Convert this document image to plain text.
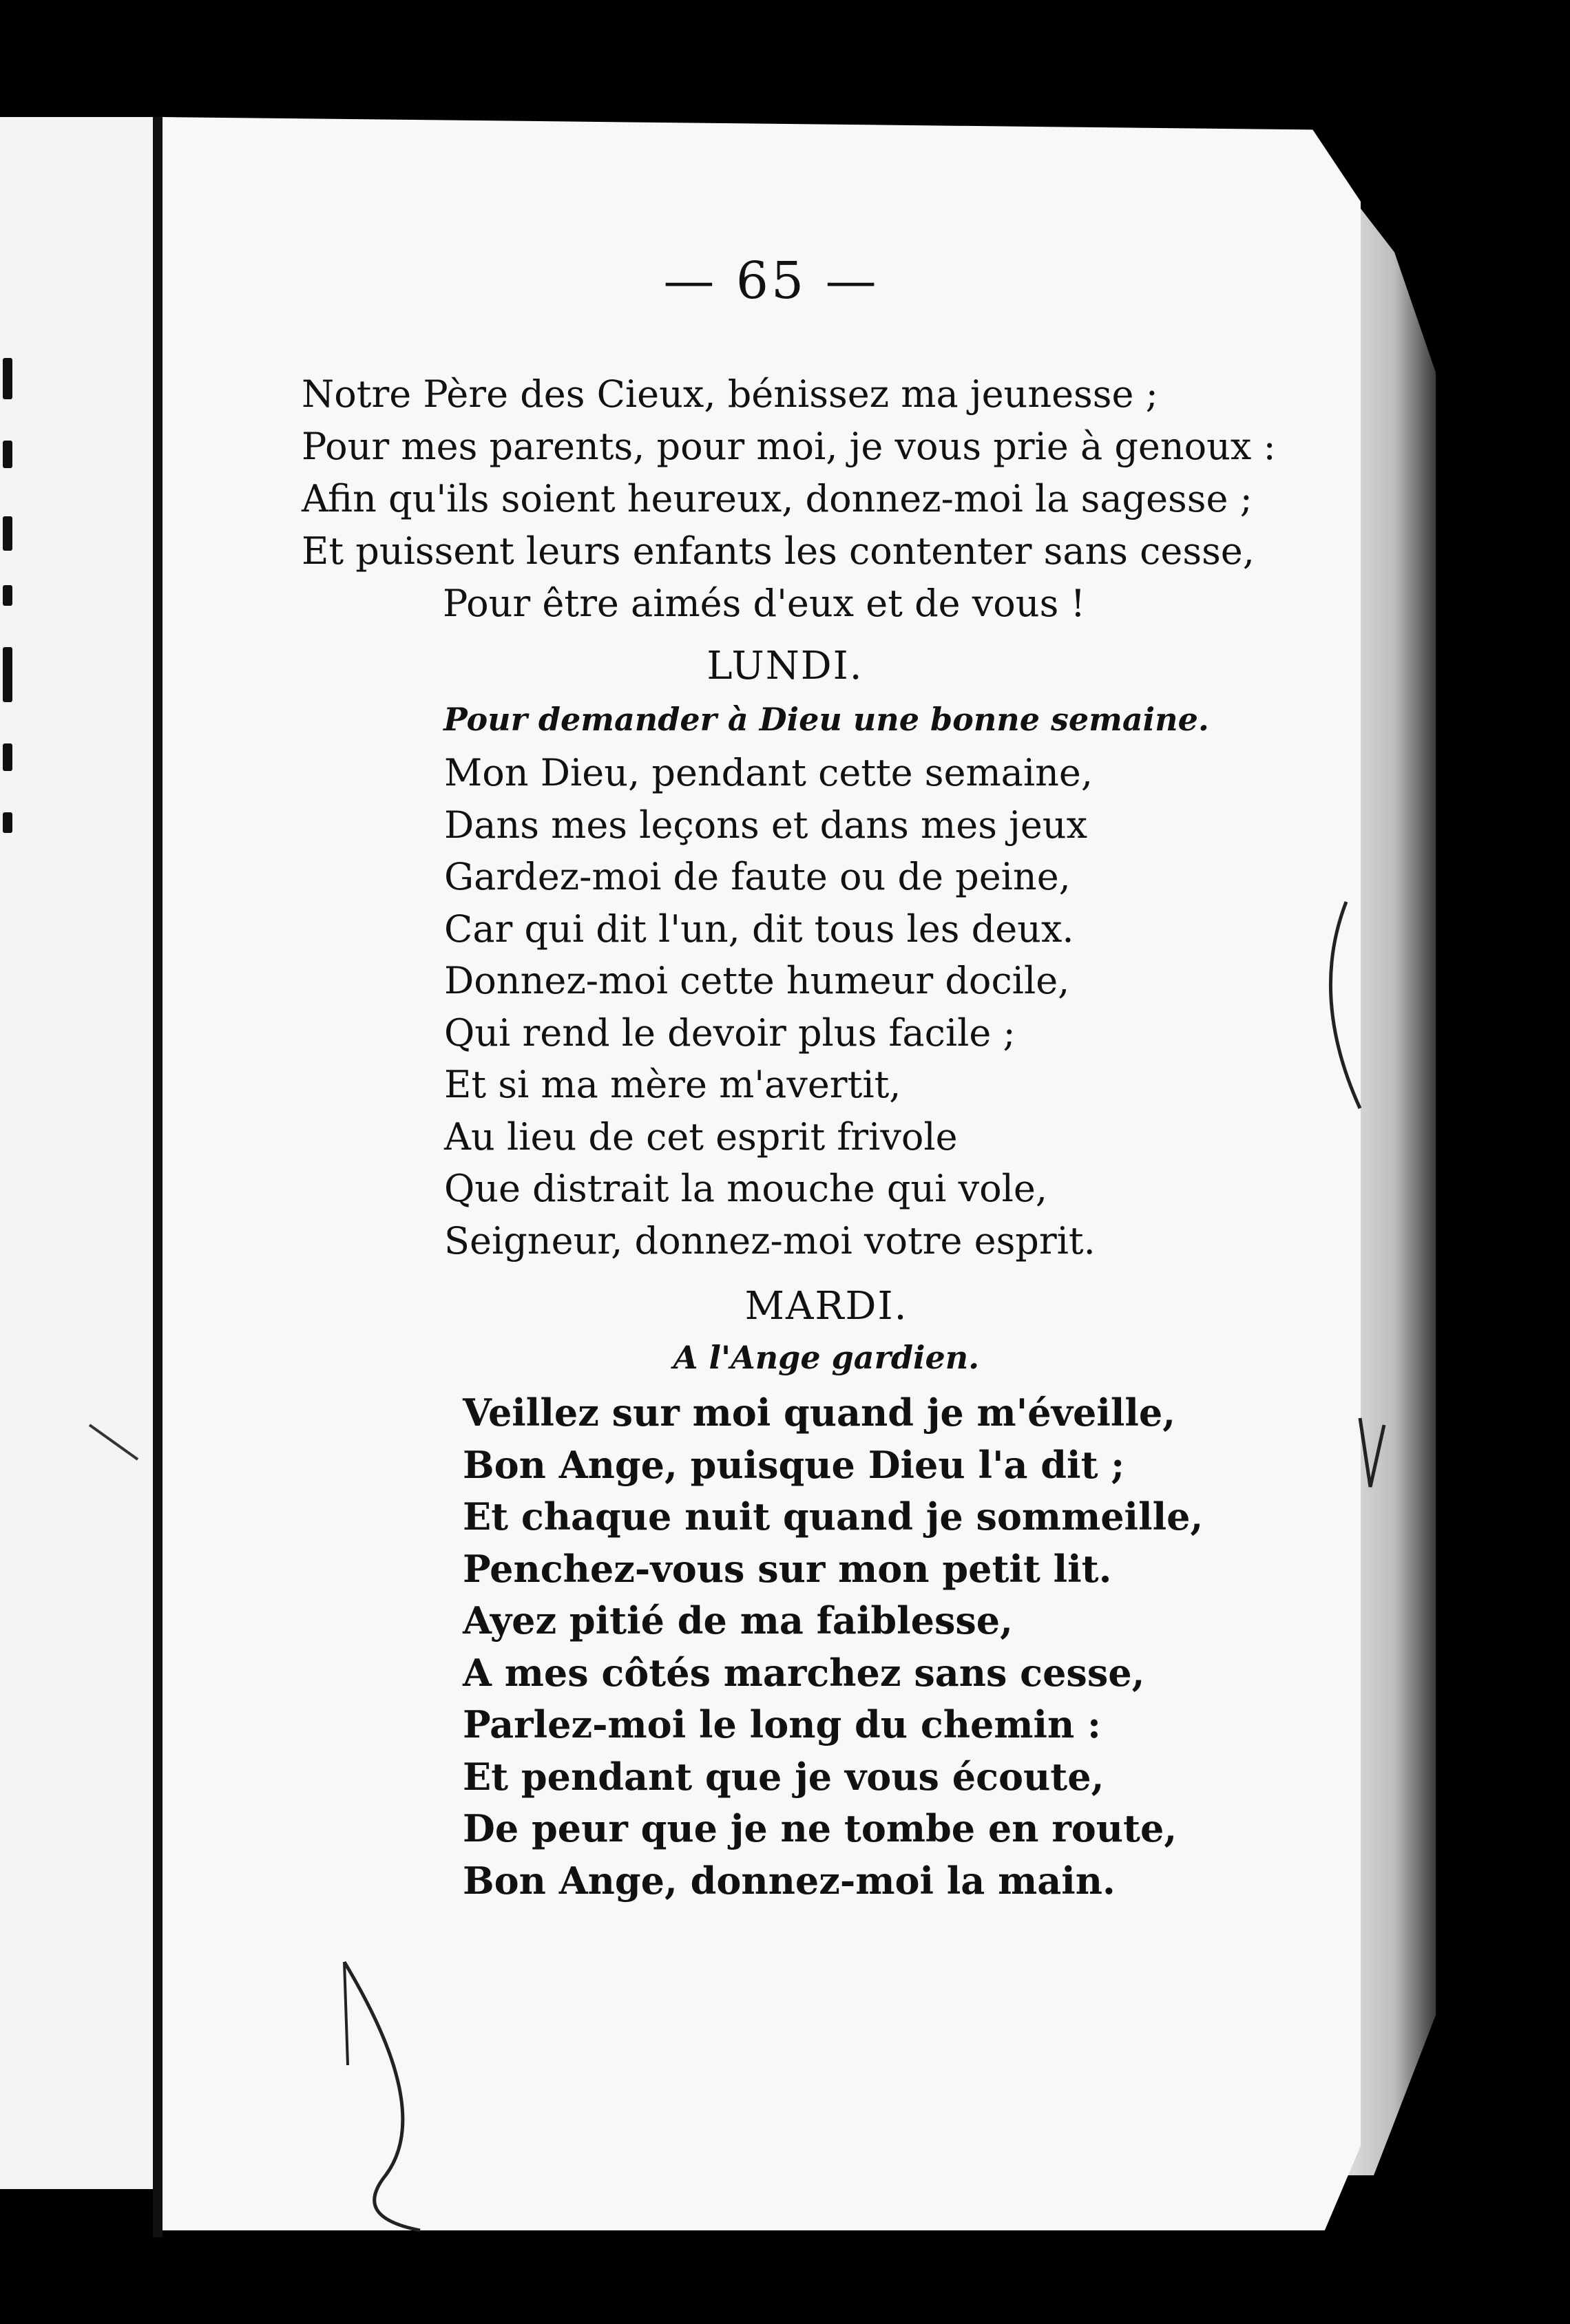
— 65 —
Notre Père des Cieux, bénissez ma jeunesse ;
Pour mes parents, pour moi, je vous prie à genoux :
Afin qu'ils soient heureux, donnez-moi la sagesse ;
Et puissent leurs enfants les contenter sans cesse,
Pour être aimés d'eux et de vous !
LUNDI.
Pour demander à Dieu une bonne semaine.
Mon Dieu, pendant cette semaine,
Dans mes leçons et dans mes jeux
Gardez-moi de faute ou de peine,
Car qui dit l'un, dit tous les deux.
Donnez-moi cette humeur docile,
Qui rend le devoir plus facile ;
Et si ma mère m'avertit,
Au lieu de cet esprit frivole
Que distrait la mouche qui vole,
Seigneur, donnez-moi votre esprit.
MARDI.
A l'Ange gardien.
Veillez sur moi quand je m'éveille,
Bon Ange, puisque Dieu l'a dit ;
Et chaque nuit quand je sommeille,
Penchez-vous sur mon petit lit.
Ayez pitié de ma faiblesse,
A mes côtés marchez sans cesse,
Parlez-moi le long du chemin :
Et pendant que je vous écoute,
De peur que je ne tombe en route,
Bon Ange, donnez-moi la main.
